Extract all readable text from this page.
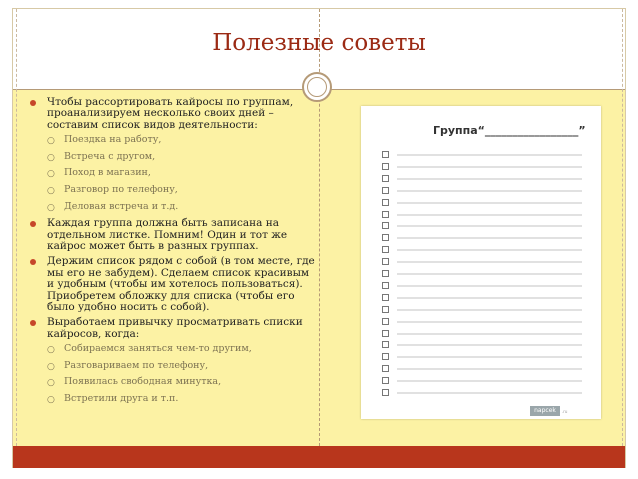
Полезные советы
Чтобы рассортировать кайросы по группам, проанализируем несколько своих дней – составим список видов деятельности:
○ Поездка на работу,
○ Встреча с другом,
○ Поход в магазин,
○ Разговор по телефону,
○ Деловая встреча и т.д.
Каждая группа должна быть записана на отдельном листке. Помним! Один и тот же кайрос может быть в разных группах.
Держим список рядом с собой (в том месте, где мы его не забудем). Сделаем список красивым и удобным (чтобы им хотелось пользоваться). Приобретем обложку для списка (чтобы его было удобно носить с собой).
Выработаем привычку просматривать списки кайросов, когда:
○ Собираемся заняться чем-то другим,
○ Разговариваем по телефону,
○ Появилась свободная минутка,
○ Встретили друга и т.п.
Группа“_________________”
napcek	.ru
